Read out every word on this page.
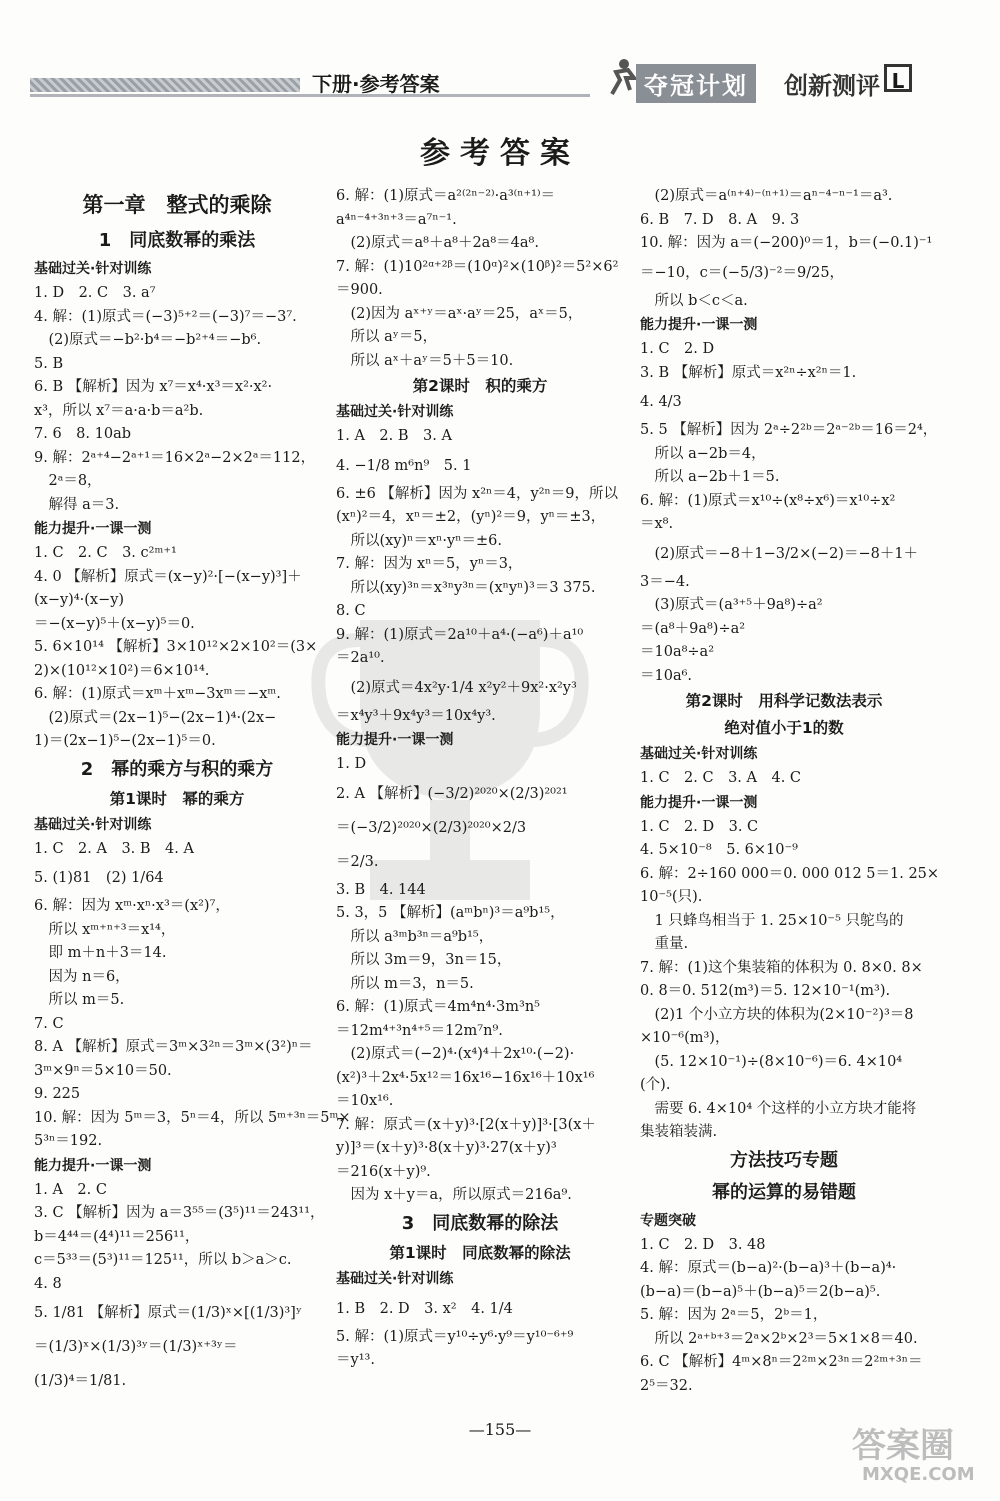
下册·参考答案	夺冠计划	创新测评 L
参考答案
第一章　整式的乘除
1　同底数幂的乘法
基础过关·针对训练
1. D　2. C　3. a⁷
4. 解：(1)原式＝(−3)⁵⁺²＝(−3)⁷＝−3⁷.
　(2)原式＝−b²·b⁴＝−b²⁺⁴＝−b⁶.
5. B
6. B 【解析】因为 x⁷＝x⁴·x³＝x²·x²·
x³，所以 x⁷＝a·a·b＝a²b.
7. 6　8. 10ab
9. 解：2ᵃ⁺⁴−2ᵃ⁺¹＝16×2ᵃ−2×2ᵃ＝112，
　2ᵃ＝8，
　解得 a＝3.
能力提升·一课一测
1. C　2. C　3. c²ᵐ⁺¹
4. 0 【解析】原式＝(x−y)²·[−(x−y)³]＋
(x−y)⁴·(x−y)
＝−(x−y)⁵＋(x−y)⁵＝0.
5. 6×10¹⁴ 【解析】3×10¹²×2×10²＝(3×
2)×(10¹²×10²)＝6×10¹⁴.
6. 解：(1)原式＝xᵐ＋xᵐ−3xᵐ＝−xᵐ.
　(2)原式＝(2x−1)⁵−(2x−1)⁴·(2x−
1)＝(2x−1)⁵−(2x−1)⁵＝0.
2　幂的乘方与积的乘方
第1课时　幂的乘方
基础过关·针对训练
1. C　2. A　3. B　4. A
5. (1)81　(2) 1/64
6. 解：因为 xᵐ·xⁿ·x³＝(x²)⁷，
　所以 xᵐ⁺ⁿ⁺³＝x¹⁴，
　即 m＋n＋3＝14.
　因为 n＝6，
　所以 m＝5.
7. C
8. A 【解析】原式＝3ᵐ×3²ⁿ＝3ᵐ×(3²)ⁿ＝
3ᵐ×9ⁿ＝5×10＝50.
9. 225
10. 解：因为 5ᵐ＝3，5ⁿ＝4，所以 5ᵐ⁺³ⁿ＝5ᵐ×
5³ⁿ＝192.
能力提升·一课一测
1. A　2. C
3. C 【解析】因为 a＝3⁵⁵＝(3⁵)¹¹＝243¹¹，
b＝4⁴⁴＝(4⁴)¹¹＝256¹¹，
c＝5³³＝(5³)¹¹＝125¹¹，所以 b＞a＞c.
4. 8
5. 1/81 【解析】原式＝(1/3)ˣ×[(1/3)³]ʸ
＝(1/3)ˣ×(1/3)³ʸ＝(1/3)ˣ⁺³ʸ＝
(1/3)⁴＝1/81.
6. 解：(1)原式＝a²⁽²ⁿ⁻²⁾·a³⁽ⁿ⁺¹⁾＝
a⁴ⁿ⁻⁴⁺³ⁿ⁺³＝a⁷ⁿ⁻¹.
　(2)原式＝a⁸＋a⁸＋2a⁸＝4a⁸.
7. 解：(1)10²ᵅ⁺²ᵝ＝(10ᵅ)²×(10ᵝ)²＝5²×6²
＝900.
　(2)因为 aˣ⁺ʸ＝aˣ·aʸ＝25，aˣ＝5，
　所以 aʸ＝5，
　所以 aˣ＋aʸ＝5＋5＝10.
第2课时　积的乘方
基础过关·针对训练
1. A　2. B　3. A
4. −1/8 m⁶n⁹　5. 1
6. ±6 【解析】因为 x²ⁿ＝4，y²ⁿ＝9，所以
(xⁿ)²＝4，xⁿ＝±2，(yⁿ)²＝9，yⁿ＝±3，
　所以(xy)ⁿ＝xⁿ·yⁿ＝±6.
7. 解：因为 xⁿ＝5，yⁿ＝3，
　所以(xy)³ⁿ＝x³ⁿy³ⁿ＝(xⁿyⁿ)³＝3 375.
8. C
9. 解：(1)原式＝2a¹⁰＋a⁴·(−a⁶)＋a¹⁰
＝2a¹⁰.
　(2)原式＝4x²y·1/4 x²y²＋9x²·x²y³
＝x⁴y³＋9x⁴y³＝10x⁴y³.
能力提升·一课一测
1. D
2. A 【解析】(−3/2)²⁰²⁰×(2/3)²⁰²¹
＝(−3/2)²⁰²⁰×(2/3)²⁰²⁰×2/3
＝2/3.
3. B　4. 144
5. 3，5 【解析】(aᵐbⁿ)³＝a⁹b¹⁵，
　所以 a³ᵐb³ⁿ＝a⁹b¹⁵，
　所以 3m＝9，3n＝15，
　所以 m＝3，n＝5.
6. 解：(1)原式＝4m⁴n⁴·3m³n⁵
＝12m⁴⁺³n⁴⁺⁵＝12m⁷n⁹.
　(2)原式＝(−2)⁴·(x⁴)⁴＋2x¹⁰·(−2)·
(x²)³＋2x⁴·5x¹²＝16x¹⁶−16x¹⁶＋10x¹⁶
＝10x¹⁶.
7. 解：原式＝(x＋y)³·[2(x＋y)]³·[3(x＋
y)]³＝(x＋y)³·8(x＋y)³·27(x＋y)³
＝216(x＋y)⁹.
　因为 x＋y＝a，所以原式＝216a⁹.
3　同底数幂的除法
第1课时　同底数幂的除法
基础过关·针对训练
1. B　2. D　3. x²　4. 1/4
5. 解：(1)原式＝y¹⁰÷y⁶·y⁹＝y¹⁰⁻⁶⁺⁹
＝y¹³.
　(2)原式＝a⁽ⁿ⁺⁴⁾⁻⁽ⁿ⁺¹⁾＝aⁿ⁻⁴⁻ⁿ⁻¹＝a³.
6. B　7. D　8. A　9. 3
10. 解：因为 a＝(−200)⁰＝1，b＝(−0.1)⁻¹
＝−10，c＝(−5/3)⁻²＝9/25，
　所以 b＜c＜a.
能力提升·一课一测
1. C　2. D
3. B 【解析】原式＝x²ⁿ÷x²ⁿ＝1.
4. 4/3
5. 5 【解析】因为 2ᵃ÷2²ᵇ＝2ᵃ⁻²ᵇ＝16＝2⁴，
　所以 a−2b＝4，
　所以 a−2b＋1＝5.
6. 解：(1)原式＝x¹⁰÷(x⁸÷x⁶)＝x¹⁰÷x²
＝x⁸.
　(2)原式＝−8＋1−3/2×(−2)＝−8＋1＋
3＝−4.
　(3)原式＝(a³⁺⁵＋9a⁸)÷a²
＝(a⁸＋9a⁸)÷a²
＝10a⁸÷a²
＝10a⁶.
第2课时　用科学记数法表示
绝对值小于1的数
基础过关·针对训练
1. C　2. C　3. A　4. C
能力提升·一课一测
1. C　2. D　3. C
4. 5×10⁻⁸　5. 6×10⁻⁹
6. 解：2÷160 000＝0. 000 012 5＝1. 25×
10⁻⁵(只).
　1 只蜂鸟相当于 1. 25×10⁻⁵ 只鸵鸟的
　重量.
7. 解：(1)这个集装箱的体积为 0. 8×0. 8×
0. 8＝0. 512(m³)＝5. 12×10⁻¹(m³).
　(2)1 个小立方块的体积为(2×10⁻²)³＝8
×10⁻⁶(m³)，
　(5. 12×10⁻¹)÷(8×10⁻⁶)＝6. 4×10⁴
(个).
　需要 6. 4×10⁴ 个这样的小立方块才能将
集装箱装满.
方法技巧专题
幂的运算的易错题
专题突破
1. C　2. D　3. 48
4. 解：原式＝(b−a)²·(b−a)³＋(b−a)⁴·
(b−a)＝(b−a)⁵＋(b−a)⁵＝2(b−a)⁵.
5. 解：因为 2ᵃ＝5，2ᵇ＝1，
　所以 2ᵃ⁺ᵇ⁺³＝2ᵃ×2ᵇ×2³＝5×1×8＝40.
6. C 【解析】4ᵐ×8ⁿ＝2²ᵐ×2³ⁿ＝2²ᵐ⁺³ⁿ＝
2⁵＝32.
—155—	答案圈
MXQE.COM
